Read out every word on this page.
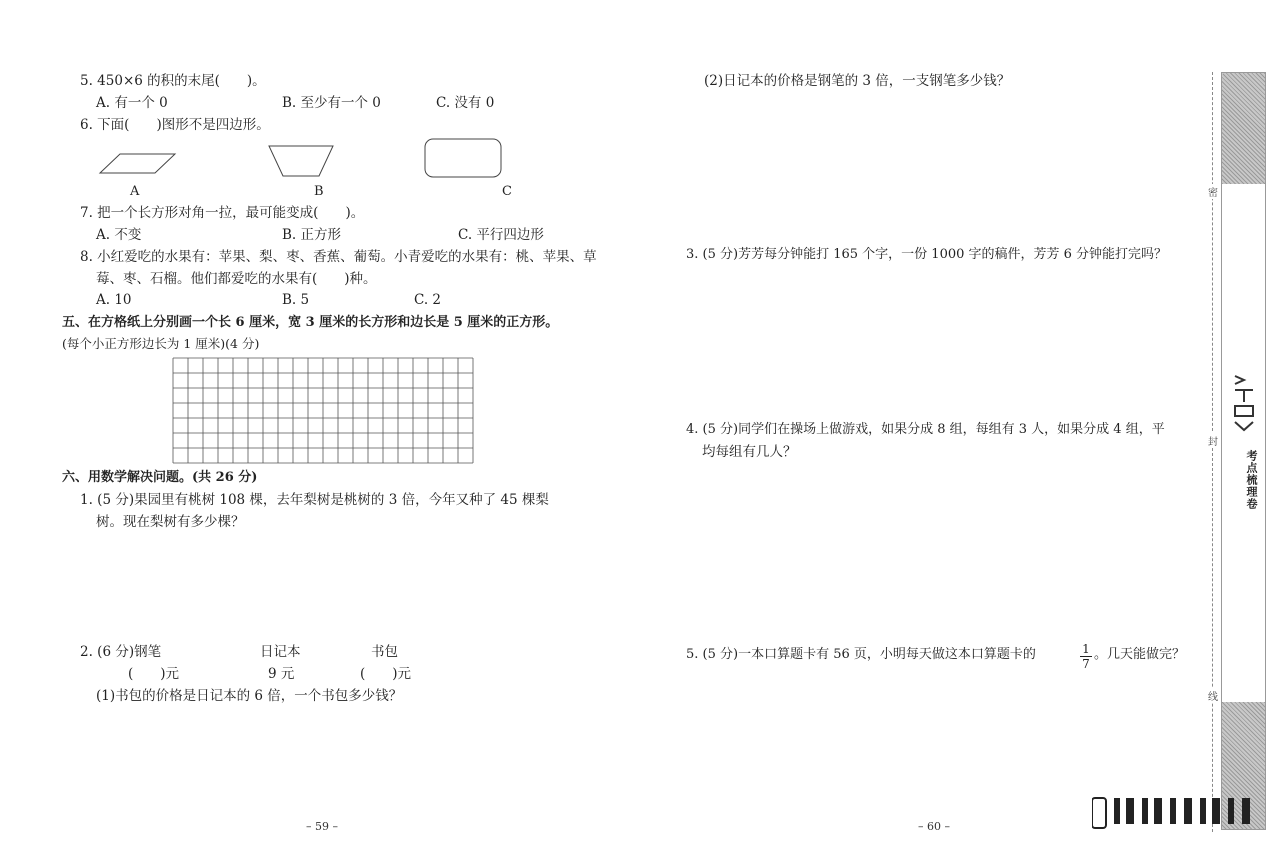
5. 450×6 的积的末尾(　　)。
A. 有一个 0	B. 至少有一个 0	C. 没有 0
6. 下面(　　)图形不是四边形。
A	B	C
7. 把一个长方形对角一拉，最可能变成(　　)。
A. 不变	B. 正方形	C. 平行四边形
8. 小红爱吃的水果有：苹果、梨、枣、香蕉、葡萄。小青爱吃的水果有：桃、苹果、草
莓、枣、石榴。他们都爱吃的水果有(　　)种。
A. 10	B. 5	C. 2
五、在方格纸上分别画一个长 6 厘米，宽 3 厘米的长方形和边长是 5 厘米的正方形。
(每个小正方形边长为 1 厘米)(4 分)
六、用数学解决问题。(共 26 分)
1. (5 分)果园里有桃树 108 棵，去年梨树是桃树的 3 倍，今年又种了 45 棵梨
树。现在梨树有多少棵？
2. (6 分)钢笔	日记本	书包
(　　)元	9 元	(　　)元
(1)书包的价格是日记本的 6 倍，一个书包多少钱？
– 59 –
(2)日记本的价格是钢笔的 3 倍，一支钢笔多少钱？
3. (5 分)芳芳每分钟能打 165 个字，一份 1000 字的稿件，芳芳 6 分钟能打完吗？
4. (5 分)同学们在操场上做游戏，如果分成 8 组，每组有 3 人，如果分成 4 组，平
均每组有几人？
5. (5 分)一本口算题卡有 56 页，小明每天做这本口算题卡的	。几天能做完？
– 60 –
$\frac{1}{7}$
密
封
线
考点梳理卷
